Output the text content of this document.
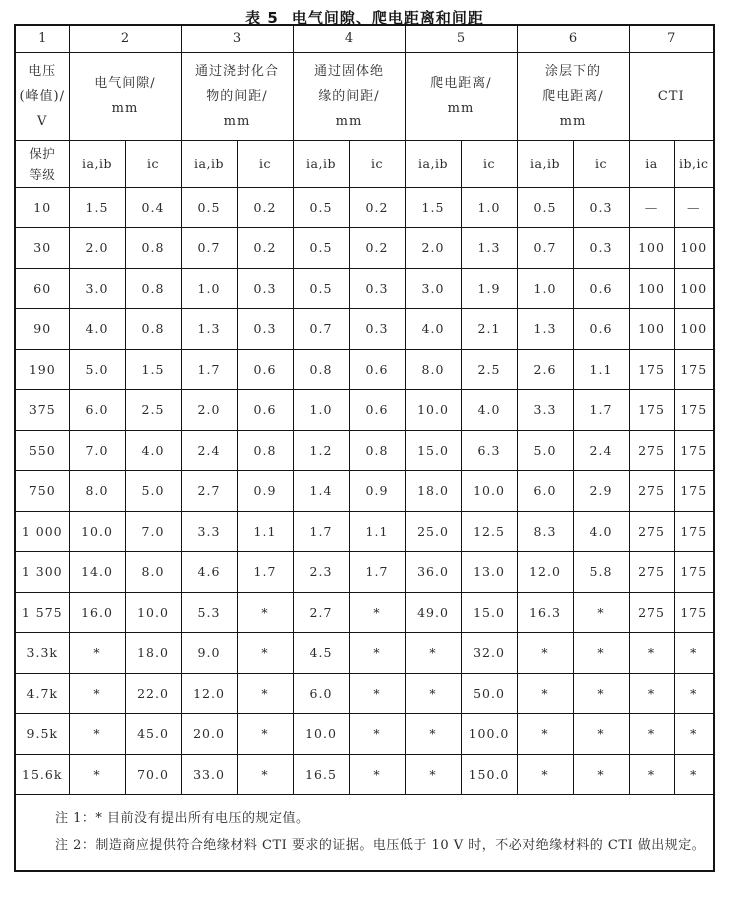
表 5 电气间隙、爬电距离和间距
1	2		3		4		5		6		7	

电压
(峰值)/
V

电气间隙/
mm

通过浇封化合
物的间距/
mm

通过固体绝
缘的间距/
mm

爬电距离/
mm

涂层下的
爬电距离/
mm

CTI

保护
等级	ia,ib	ic	ia,ib	ic	ia,ib	ic	ia,ib	ic	ia,ib	ic	ia	ib,ic
10	1.5	0.4	0.5	0.2	0.5	0.2	1.5	1.0	0.5	0.3	—	—
30	2.0	0.8	0.7	0.2	0.5	0.2	2.0	1.3	0.7	0.3	100	100
60	3.0	0.8	1.0	0.3	0.5	0.3	3.0	1.9	1.0	0.6	100	100
90	4.0	0.8	1.3	0.3	0.7	0.3	4.0	2.1	1.3	0.6	100	100
190	5.0	1.5	1.7	0.6	0.8	0.6	8.0	2.5	2.6	1.1	175	175
375	6.0	2.5	2.0	0.6	1.0	0.6	10.0	4.0	3.3	1.7	175	175
550	7.0	4.0	2.4	0.8	1.2	0.8	15.0	6.3	5.0	2.4	275	175
750	8.0	5.0	2.7	0.9	1.4	0.9	18.0	10.0	6.0	2.9	275	175
1 000	10.0	7.0	3.3	1.1	1.7	1.1	25.0	12.5	8.3	4.0	275	175
1 300	14.0	8.0	4.6	1.7	2.3	1.7	36.0	13.0	12.0	5.8	275	175
1 575	16.0	10.0	5.3	*	2.7	*	49.0	15.0	16.3	*	275	175
3.3k	*	18.0	9.0	*	4.5	*	*	32.0	*	*	*	*
4.7k	*	22.0	12.0	*	6.0	*	*	50.0	*	*	*	*
9.5k	*	45.0	20.0	*	10.0	*	*	100.0	*	*	*	*
15.6k	*	70.0	33.0	*	16.5	*	*	150.0	*	*	*	*

注 1：* 目前没有提出所有电压的规定值。
注 2：制造商应提供符合绝缘材料 CTI 要求的证据。电压低于 10 V 时，不必对绝缘材料的 CTI 做出规定。												
